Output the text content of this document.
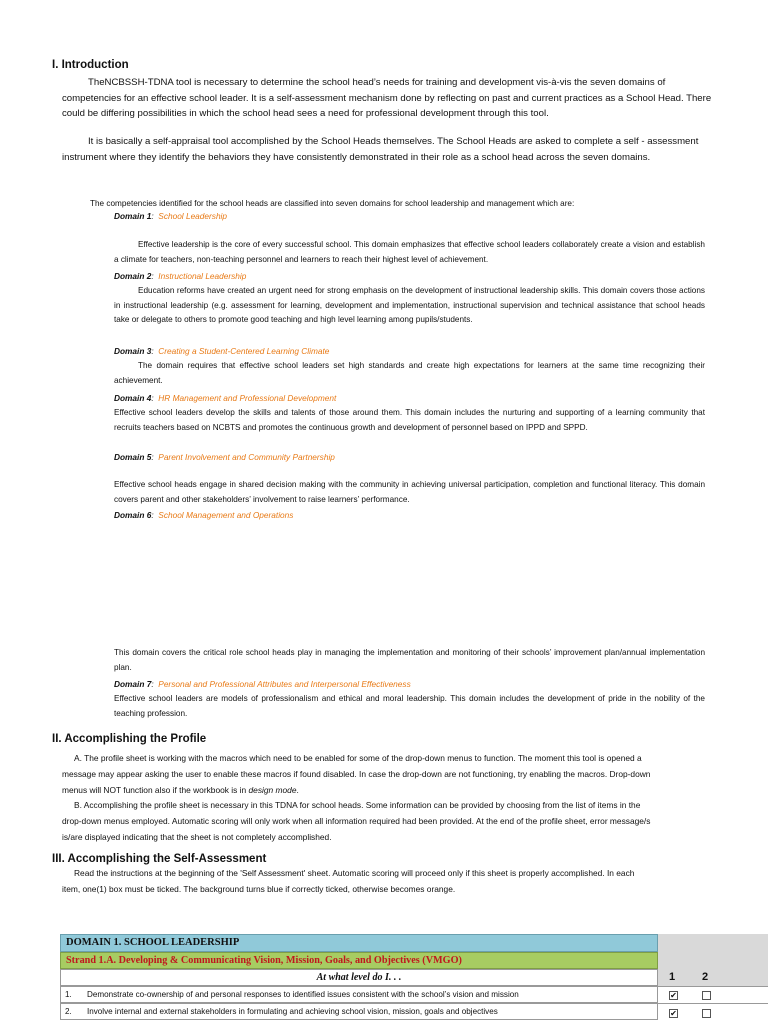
I. Introduction
TheNCBSSH-TDNA tool is necessary to determine the school head’s needs for training and development vis-à-vis the seven domains of competencies for an effective school leader. It is a self-assessment mechanism done by reflecting on past and current practices as a School Head. There could be differing possibilities in which the school head sees a need for professional development through this tool.
It is basically a self-appraisal tool accomplished by the School Heads themselves. The School Heads are asked to complete a self - assessment instrument where they identify the behaviors they have consistently demonstrated in their role as a school head across the seven domains.
The competencies identified for the school heads are classified into seven domains for school leadership and management which are:
Domain 1:  School Leadership
Effective leadership is the core of every successful school. This domain emphasizes that effective school leaders collaborately create a vision and establish a climate for teachers, non-teaching personnel and learners to reach their highest level of achievement.
Domain 2:  Instructional Leadership
Education reforms have created an urgent need for strong emphasis on the development of instructional leadership skills. This domain covers those actions in instructional leadership (e.g. assessment for learning, development and implementation, instructional supervision and technical assistance that school heads take or delegate to others to promote good teaching and high level learning among pupils/students.
Domain 3:  Creating a Student-Centered Learning Climate
The domain requires that effective school leaders set high standards and create high expectations for learners at the same time recognizing their achievement.
Domain 4:  HR Management and Professional Development
Effective school leaders develop the skills and talents of those around them. This domain includes the nurturing and supporting of a learning community that recruits teachers based on NCBTS and promotes the continuous growth and development of personnel based on IPPD and SPPD.
Domain 5:  Parent Involvement and Community Partnership
Effective school heads engage in shared decision making with the community in achieving universal participation, completion and functional literacy. This domain covers parent and other stakeholders’ involvement to raise learners’ performance.
Domain 6:  School Management and Operations
This domain covers the critical role school heads play in managing the implementation and monitoring of their schools’ improvement plan/annual implementation plan.
Domain 7:  Personal and Professional Attributes and Interpersonal Effectiveness
Effective school leaders are models of professionalism and ethical and moral leadership. This domain includes the development of pride in the nobility of the teaching profession.
II. Accomplishing the Profile
A. The profile sheet is working with the macros which need to be enabled for some of the drop-down menus to function. The moment this tool is opened a message may appear asking the user to enable these macros if found disabled. In case the drop-down are not functioning, try enabling the macros. Drop-down menus will NOT function also if the workbook is in design mode.
B. Accomplishing the profile sheet is necessary in this TDNA for school heads. Some information can be provided by choosing from the list of items in the drop-down menus employed. Automatic scoring will only work when all information required had been provided. At the end of the profile sheet, error message/s is/are displayed indicating that the sheet is not completely accomplished.
III. Accomplishing the Self-Assessment
Read the instructions at the beginning of the 'Self Assessment' sheet. Automatic scoring will proceed only if this sheet is properly accomplished. In each item, one(1) box must be ticked. The background turns blue if correctly ticked, otherwise becomes orange.
DOMAIN 1. SCHOOL LEADERSHIP
Strand 1.A. Developing & Communicating Vision, Mission, Goals, and Objectives (VMGO)
At what level do I. . .	1 2
1. Demonstrate co-ownership of and personal responses to identified issues consistent with the school’s vision and mission	✔
2. Involve internal and external stakeholders in formulating and achieving school vision, mission, goals and objectives	✔
